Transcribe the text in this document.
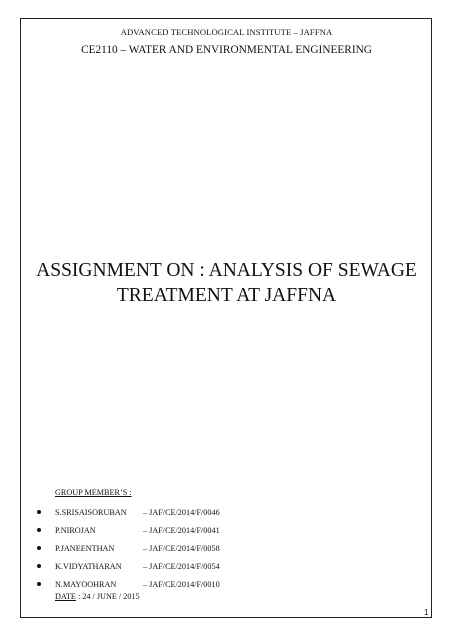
ADVANCED TECHNOLOGICAL INSTITUTE – JAFFNA
CE2110 – WATER AND ENVIRONMENTAL ENGINEERING
ASSIGNMENT ON : ANALYSIS OF SEWAGE
TREATMENT AT JAFFNA
GROUP MEMBER’S :
S.SRISAISORUBAN	– JAF/CE/2014/F/0046
P.NIROJAN	– JAF/CE/2014/F/0041
P.JANEENTHAN	– JAF/CE/2014/F/0058
K.VIDYATHARAN	– JAF/CE/2014/F/0054
N.MAYOOHRAN	– JAF/CE/2014/F/0010
DATE : 24 / JUNE / 2015
1
